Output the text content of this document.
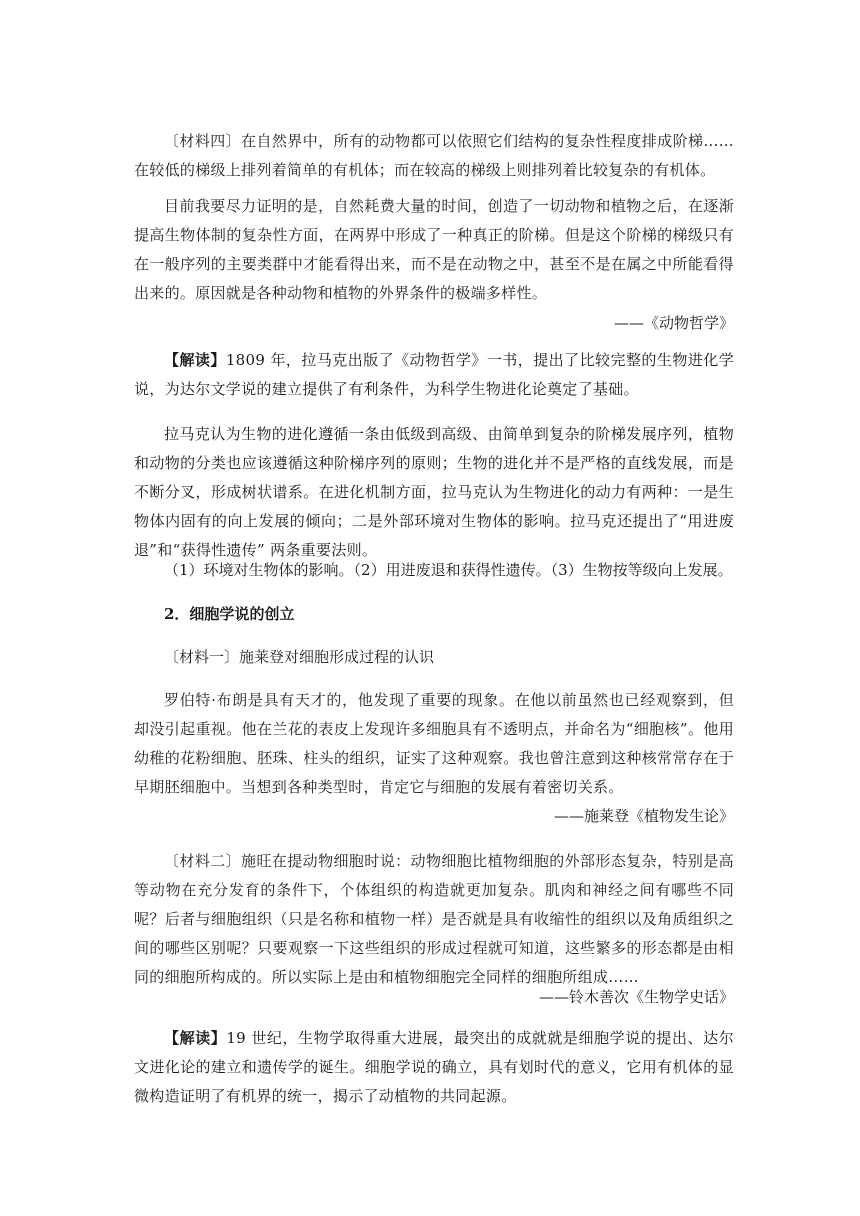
〔材料四〕在自然界中，所有的动物都可以依照它们结构的复杂性程度排成阶梯……在较低的梯级上排列着简单的有机体；而在较高的梯级上则排列着比较复杂的有机体。

目前我要尽力证明的是，自然耗费大量的时间，创造了一切动物和植物之后，在逐渐提高生物体制的复杂性方面，在两界中形成了一种真正的阶梯。但是这个阶梯的梯级只有在一般序列的主要类群中才能看得出来，而不是在动物之中，甚至不是在属之中所能看得出来的。原因就是各种动物和植物的外界条件的极端多样性。

——《动物哲学》

【解读】1809 年，拉马克出版了《动物哲学》一书，提出了比较完整的生物进化学说，为达尔文学说的建立提供了有利条件，为科学生物进化论奠定了基础。

拉马克认为生物的进化遵循一条由低级到高级、由简单到复杂的阶梯发展序列，植物和动物的分类也应该遵循这种阶梯序列的原则；生物的进化并不是严格的直线发展，而是不断分叉，形成树状谱系。在进化机制方面，拉马克认为生物进化的动力有两种：一是生物体内固有的向上发展的倾向；二是外部环境对生物体的影响。拉马克还提出了“用进废退”和“获得性遗传” 两条重要法则。

（1）环境对生物体的影响。（2）用进废退和获得性遗传。（3）生物按等级向上发展。

2．细胞学说的创立

〔材料一〕施莱登对细胞形成过程的认识

罗伯特·布朗是具有天才的，他发现了重要的现象。在他以前虽然也已经观察到，但却没引起重视。他在兰花的表皮上发现许多细胞具有不透明点，并命名为“细胞核”。他用幼稚的花粉细胞、胚珠、柱头的组织，证实了这种观察。我也曾注意到这种核常常存在于早期胚细胞中。当想到各种类型时，肯定它与细胞的发展有着密切关系。

——施莱登《植物发生论》

〔材料二〕施旺在提动物细胞时说：动物细胞比植物细胞的外部形态复杂，特别是高等动物在充分发育的条件下，个体组织的构造就更加复杂。肌肉和神经之间有哪些不同呢？后者与细胞组织（只是名称和植物一样）是否就是具有收缩性的组织以及角质组织之间的哪些区别呢？只要观察一下这些组织的形成过程就可知道，这些繁多的形态都是由相同的细胞所构成的。所以实际上是由和植物细胞完全同样的细胞所组成……

——铃木善次《生物学史话》

【解读】19 世纪，生物学取得重大进展，最突出的成就就是细胞学说的提出、达尔文进化论的建立和遗传学的诞生。细胞学说的确立，具有划时代的意义，它用有机体的显微构造证明了有机界的统一，揭示了动植物的共同起源。
